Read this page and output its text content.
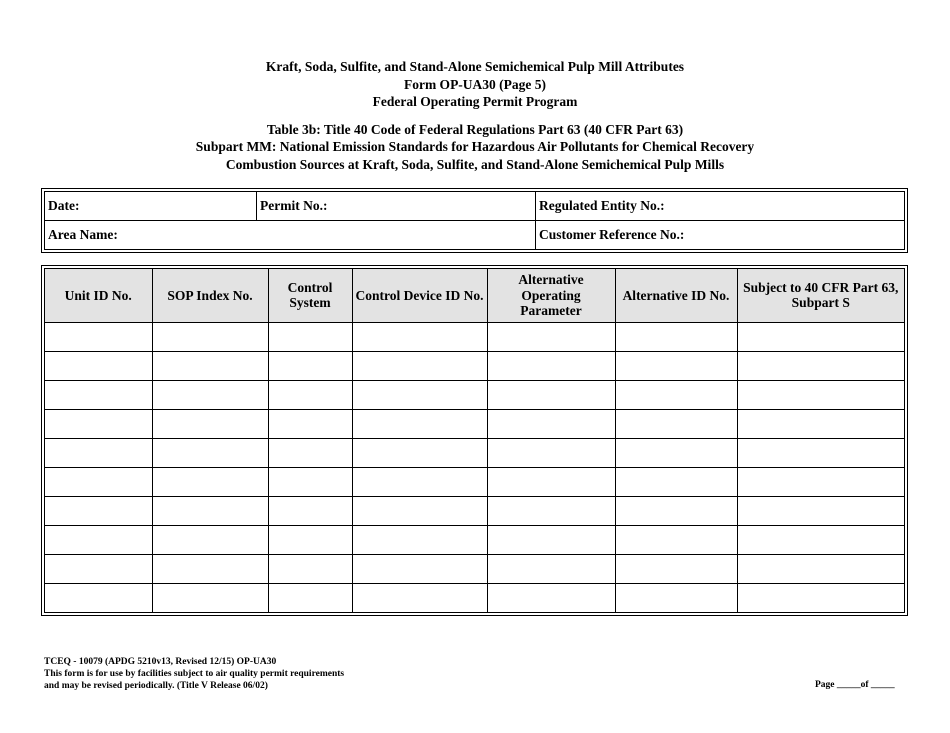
Kraft, Soda, Sulfite, and Stand-Alone Semichemical Pulp Mill Attributes
Form OP-UA30 (Page 5)
Federal Operating Permit Program
Table 3b: Title 40 Code of Federal Regulations Part 63 (40 CFR Part 63)
Subpart MM: National Emission Standards for Hazardous Air Pollutants for Chemical Recovery
Combustion Sources at Kraft, Soda, Sulfite, and Stand-Alone Semichemical Pulp Mills
Date:	Permit No.:	Regulated Entity No.:
Area Name:	Customer Reference No.:
Unit ID No.	SOP Index No.	Control System	Control Device ID No.	Alternative Operating Parameter	Alternative ID No.	Subject to 40 CFR Part 63, Subpart S

TCEQ - 10079 (APDG 5210v13, Revised 12/15) OP-UA30
This form is for use by facilities subject to air quality permit requirements
and may be revised periodically. (Title V Release 06/02)	Page _____of _____
